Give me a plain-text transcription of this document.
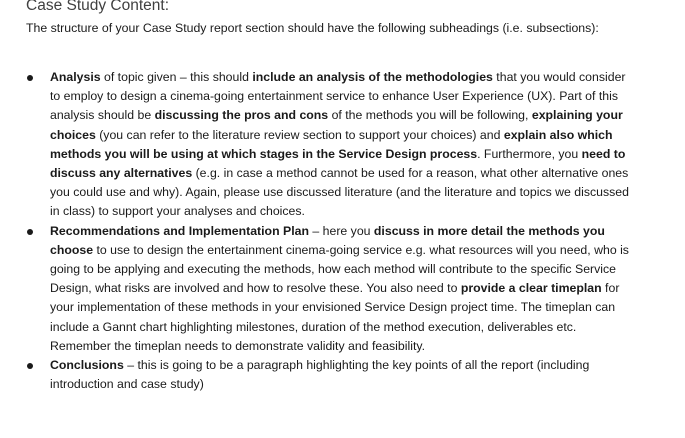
Case Study Content:
The structure of your Case Study report section should have the following subheadings (i.e. subsections):
Analysis of topic given – this should include an analysis of the methodologies that you would consider to employ to design a cinema-going entertainment service to enhance User Experience (UX). Part of this analysis should be discussing the pros and cons of the methods you will be following, explaining your choices (you can refer to the literature review section to support your choices) and explain also which methods you will be using at which stages in the Service Design process. Furthermore, you need to discuss any alternatives (e.g. in case a method cannot be used for a reason, what other alternative ones you could use and why). Again, please use discussed literature (and the literature and topics we discussed in class) to support your analyses and choices.
Recommendations and Implementation Plan – here you discuss in more detail the methods you choose to use to design the entertainment cinema-going service e.g. what resources will you need, who is going to be applying and executing the methods, how each method will contribute to the specific Service Design, what risks are involved and how to resolve these. You also need to provide a clear timeplan for your implementation of these methods in your envisioned Service Design project time. The timeplan can include a Gannt chart highlighting milestones, duration of the method execution, deliverables etc. Remember the timeplan needs to demonstrate validity and feasibility.
Conclusions – this is going to be a paragraph highlighting the key points of all the report (including introduction and case study)
